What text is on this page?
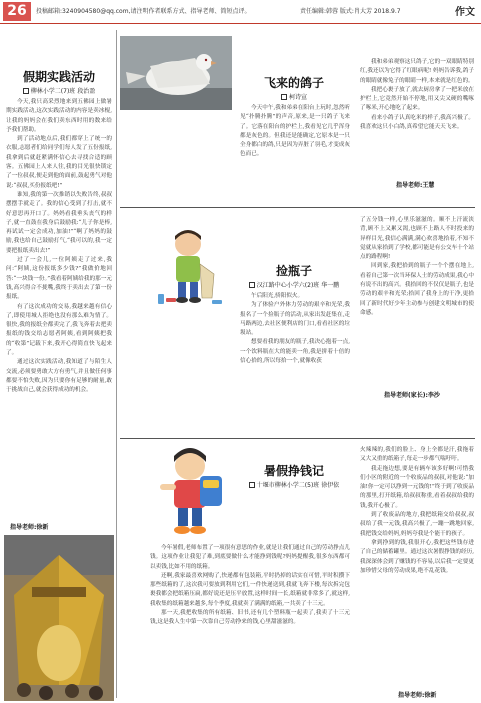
26	投稿邮箱:3240904580@qq.com,请注明作者联系方式、指导老师、简短点评。	责任编辑:韩蓉 版式:肖大芳 2018.9.7	作文
假期实践活动
柳林小学二(7)班 段治盈

今天,我只高采烈地来到五佛园上做暑期实践活动,这次实践活动的内容是卖冰棍,让我的妈妈会在我们卖东西时用的数来给予我们帮助。

到了活动地点后,我们都穿上了统一的衣服,志愿者们给同学们每人发了五份报纸,我拿到后就赶紧满怀信心去寻找合适的顾客。五佛园上人来人往,我的目光很快锁定了一位叔叔,便走到他的面前,鼓起勇气对他说:“叔叔,买份报纸吧!”

谁知,我的第一次推销以失败告终,叔叔摆摆手就走了。我的信心受到了打击,就不好意思再开口了。妈妈看我垂头丧气的样子,就一直鼓在我身后鼓励我:“儿子你是棒,再试试一定会成功,加油!”“啊了妈妈的鼓励,我也给自己鼓励打气,“我可以的,我一定要把报纸卖出去!”

过了一会儿,一位阿姨走了过来,我问:“阿姨,这份报纸多少钱?”我做价地回答:“一块钱一份。”我看着阿姨给我的那一元钱,高兴得合不拢嘴,我终于卖出去了第一份报纸。

有了这次成功的交易,我越来越有信心了,即使用城人拒绝也没有那么难为情了。很快,我的报纸全都卖完了,我飞奔着去把卖报纸的钱交给志愿者阿姨,看到阿姨把我的“收第”记载下来,我开心得简直快飞起来了。

通过这次实践活动,我知道了与陌生人交流,必须要勇敢大方有勇气,并且做任何事都要不怕失败,因为只要你有足够的耐量,敢于挑战自己,就会获得成功的机会。

指导老师:徐新
飞来的鸽子
柯诗宣

今天中午,我和弟弟在阳台上玩时,忽然听见“扑腾扑腾”的声音,原来,是一只鸽子飞来了。它落在阳台的护栏上,我看见它几乎浑身都是灰色的。但我还是能确定,它原本是一只全身都白的鸽,只是因为弄脏了羽毛,才变成灰色而已。

我和弟弟观察这只鸽子,它的一双眼睛特别红,我还以为它得了红眼病呢! 妈妈告诉我,鸽子的眼睛就像兔子的眼睛一样,本来就是红色的。

我把心裹子放了,就去厨房拿了一把米放在护栏上,它竟然开始不停地,用又尖又硬的嘴啄了啄米,开心地吃了起来。

看来小鸽子认真吃米的样子,我高兴极了。我喜欢这只小白鸽,真希望它能天天飞来。

指导老师:王慧
捡瓶子
汉江路中心小学六(2)班 华一鹏

午后阳光,骄阳似火。

为了体验户外体力劳动的艰辛和光荣,我报名了一个捡瓶子的活动,从家出发赶集在,走马路两边,去社区便利店的门口,看看社区的垃圾站。

想要看我的朋友的瓶子,我决心抱着一点,一个饮料瓶在大的能卖一角,我是拼着十倍的信心拾的,所以每拾一个,就像收获

了五分钱一样,心里乐滋滋的。顺不上汗流浃背,顾不上又累又渴,也顾不上路人不时投来的异样目光,我信心满满,满心欢喜地拾着,不知不觉就从家拾到了学校,都可能是有公交车十个站点的路程啊!

回到家,我把拾到的瓶子一个个摆在地上,看着自己第一次当环保人士的劳动成果,我心中有说不出的高兴。我拾回的不仅仅是瓶子,也是劳动的艰辛和光荣;拾回了我身上的干净,更拾回了新时代好少年主动参与创建文明城市的使命感。

指导老师(家长):李沙
暑假挣钱记
十堰市柳林小学二(5)班 徐伊依

今年暑假,老师布置了一项很有意思的作业,就是让我们通过自己的劳动挣点儿钱。这项作业让我犯了难,到底要做什么才能挣到钱呢?妈妈提醒我,很多东西都可以卖钱,比如不用的纸箱。

还啊,我家最喜欢网购了,快递都有包装箱,平时扔掉的话实在可惜,平时积攒下那些纸箱的了,这次我可要放到利用它们,一件快递送到,我就飞奔下楼,每次拆完包裹我都会把纸箱压扁,都好说还是压平放置,这样时间一长,纸箱就非常多了,就这样,我收集的纸箱越来越多,每个季度,我就卖了满满的纸箱,一共卖了十三元。

那一天,我把收集的所有纸箱、旧书,还有几个塑料瓶一起卖了,我卖了十三元钱,这是我人生中第一次靠自己劳动挣来的钱,心里甜滋滋的。

火辣辣的,我们的脸上、身上全都是汗,我拖着又大又重的纸箱子,每走一步都气喘吁吁。

我走拖边想,要是有辆车该多好啊!可惜我们小区的附近的一个收废品的叔叔,对他说:“加油!你一定可以挣到一元钱的!”终于到了收废品的那里,打开纸箱,给叔叔称重,看着叔叔给我的钱,我开心极了。

到了收废品的地方,我把纸箱交给叔叔,叔叔给了我一元钱,我高兴极了,一蹦一跳地回家,我把钱交给妈妈,妈妈夸我是个能干的孩子。

拿到挣到的钱,我很开心,我把这些钱存进了自己的储蓄罐里。通过这次暑假挣钱的经历,我深深体会到了赚钱的不容易,以后我一定要更加珍惜父母的劳动成果,绝不乱花钱。

指导老师:徐新
